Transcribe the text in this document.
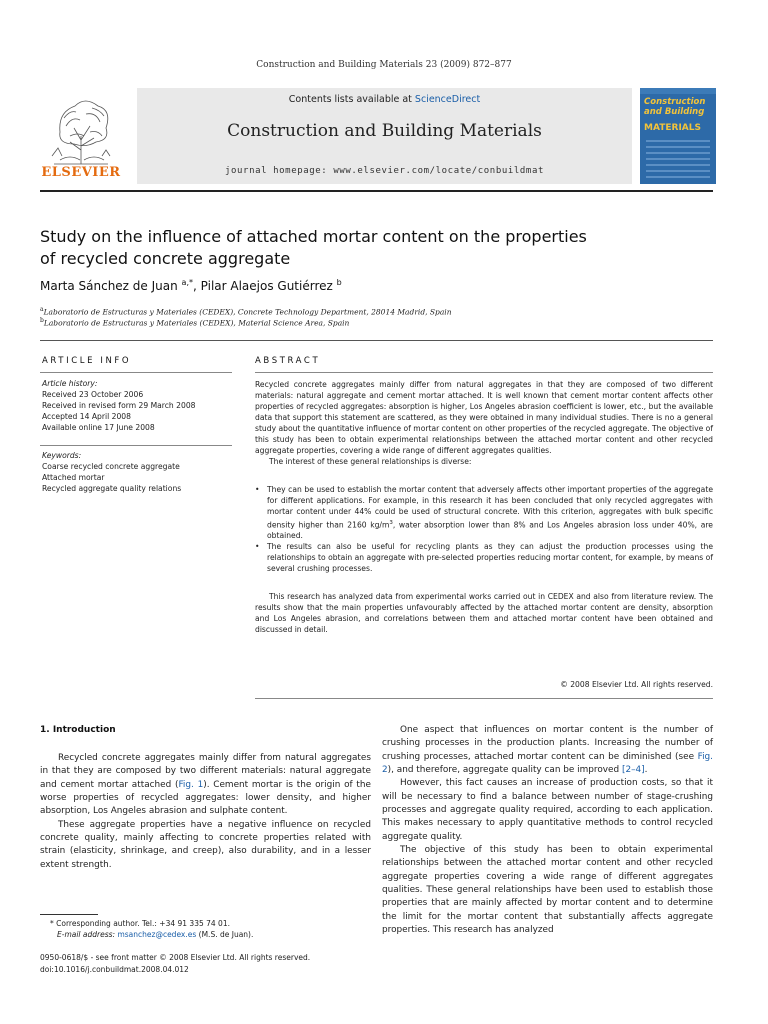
Construction and Building Materials 23 (2009) 872–877
ELSEVIER
Contents lists available at ScienceDirect
Construction and Building Materials
journal homepage: www.elsevier.com/locate/conbuildmat
Construction and Building
MATERIALS
Study on the influence of attached mortar content on the properties
of recycled concrete aggregate
Marta Sánchez de Juan $^{a,*}$, Pilar Alaejos Gutiérrez $^b$
$^a$Laboratorio de Estructuras y Materiales (CEDEX), Concrete Technology Department, 28014 Madrid, Spain
$^b$Laboratorio de Estructuras y Materiales (CEDEX), Material Science Area, Spain
ARTICLE INFO
Article history:
Received 23 October 2006
Received in revised form 29 March 2008
Accepted 14 April 2008
Available online 17 June 2008
Keywords:
Coarse recycled concrete aggregate
Attached mortar
Recycled aggregate quality relations
ABSTRACT

Recycled concrete aggregates mainly differ from natural aggregates in that they are composed of two different materials: natural aggregate and cement mortar attached. It is well known that cement mortar content affects other properties of recycled aggregates: absorption is higher, Los Angeles abrasion coefficient is lower, etc., but the available data that support this statement are scattered, as they were obtained in many individual studies. There is no a general study about the quantitative influence of mortar content on other properties of the recycled aggregate. The objective of this study has been to obtain experimental relationships between the attached mortar content and other recycled aggregate properties, covering a wide range of different aggregates qualities.

The interest of these general relationships is diverse:

• They can be used to establish the mortar content that adversely affects other important properties of the aggregate for different applications. For example, in this research it has been concluded that only recycled aggregates with mortar content under 44% could be used of structural concrete. With this criterion, aggregates with bulk specific density higher than 2160 $kg/m^3$, water absorption lower than 8% and Los Angeles abrasion loss under 40%, are obtained.
• The results can also be useful for recycling plants as they can adjust the production processes using the relationships to obtain an aggregate with pre-selected properties reducing mortar content, for example, by means of several crushing processes.

This research has analyzed data from experimental works carried out in CEDEX and also from literature review. The results show that the main properties unfavourably affected by the attached mortar content are density, absorption and Los Angeles abrasion, and correlations between them and attached mortar content have been obtained and discussed in detail.

© 2008 Elsevier Ltd. All rights reserved.
1. Introduction

Recycled concrete aggregates mainly differ from natural aggregates in that they are composed by two different materials: natural aggregate and cement mortar attached (Fig. 1). Cement mortar is the origin of the worse properties of recycled aggregates: lower density, and higher absorption, Los Angeles abrasion and sulphate content.

These aggregate properties have a negative influence on recycled concrete quality, mainly affecting to concrete properties related with strain (elasticity, shrinkage, and creep), also durability, and in a lesser extent strength.

One aspect that influences on mortar content is the number of crushing processes in the production plants. Increasing the number of crushing processes, attached mortar content can be diminished (see Fig. 2), and therefore, aggregate quality can be improved [2–4].

However, this fact causes an increase of production costs, so that it will be necessary to find a balance between number of stage-crushing processes and aggregate quality required, according to each application. This makes necessary to apply quantitative methods to control recycled aggregate quality.

The objective of this study has been to obtain experimental relationships between the attached mortar content and other recycled aggregate properties covering a wide range of different aggregates qualities. These general relationships have been used to establish those properties that are mainly affected by mortar content and to determine the limit for the mortar content that substantially affects aggregate properties. This research has analyzed

* Corresponding author. Tel.: +34 91 335 74 01.
E-mail address: msanchez@cedex.es (M.S. de Juan).
0950-0618/$ - see front matter © 2008 Elsevier Ltd. All rights reserved.
doi:10.1016/j.conbuildmat.2008.04.012
